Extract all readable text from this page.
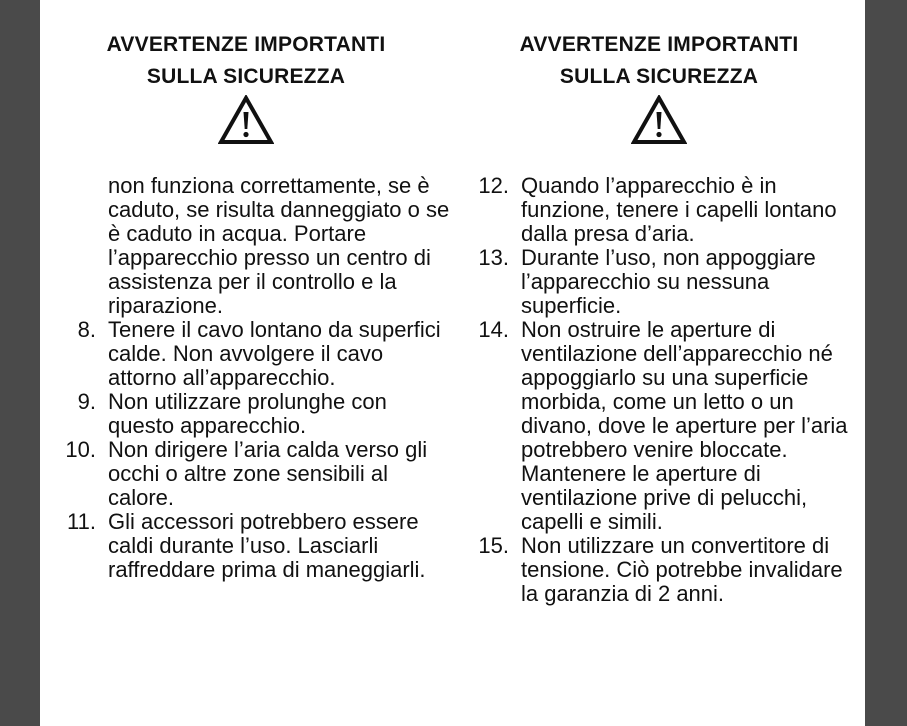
AVVERTENZE IMPORTANTI
SULLA SICUREZZA
non funziona correttamente, se è caduto, se risulta danneggiato o se è caduto in acqua. Portare l’apparecchio presso un centro di assistenza per il controllo e la riparazione.
8. Tenere il cavo lontano da superfici calde. Non avvolgere il cavo attorno all’apparecchio.
9. Non utilizzare prolunghe con questo apparecchio.
10. Non dirigere l’aria calda verso gli occhi o altre zone sensibili al calore.
11. Gli accessori potrebbero essere caldi durante l’uso. Lasciarli raffreddare prima di maneggiarli.
AVVERTENZE IMPORTANTI
SULLA SICUREZZA
12. Quando l’apparecchio è in funzione, tenere i capelli lontano dalla presa d’aria.
13. Durante l’uso, non appoggiare l’apparecchio su nessuna superficie.
14. Non ostruire le aperture di ventilazione dell’apparecchio né appoggiarlo su una superficie morbida, come un letto o un divano, dove le aperture per l’aria potrebbero venire bloccate. Mantenere le aperture di ventilazione prive di pelucchi, capelli e simili.
15. Non utilizzare un convertitore di tensione. Ciò potrebbe invalidare la garanzia di 2 anni.
